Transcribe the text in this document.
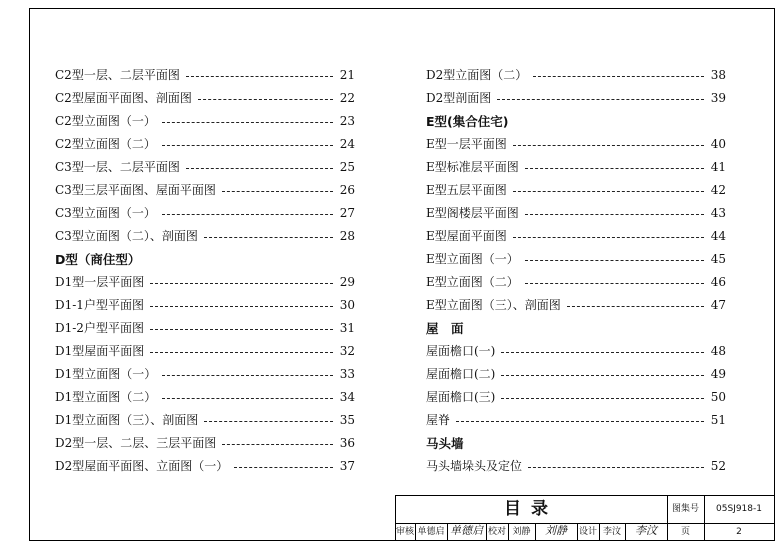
C2型一层、二层平面图	21
C2型屋面平面图、剖面图	22
C2型立面图（一）	23
C2型立面图（二）	24
C3型一层、二层平面图	25
C3型三层平面图、屋面平面图	26
C3型立面图（一）	27
C3型立面图（二）、剖面图	28
D型（商住型）
D1型一层平面图	29
D1-1户型平面图	30
D1-2户型平面图	31
D1型屋面平面图	32
D1型立面图（一）	33
D1型立面图（二）	34
D1型立面图（三）、剖面图	35
D2型一层、二层、三层平面图	36
D2型屋面平面图、立面图（一）	37
D2型立面图（二）	38
D2型剖面图	39
E型(集合住宅)
E型一层平面图	40
E型标准层平面图	41
E型五层平面图	42
E型阁楼层平面图	43
E型屋面平面图	44
E型立面图（一）	45
E型立面图（二）	46
E型立面图（三）、剖面图	47
屋　面
屋面檐口(一)	48
屋面檐口(二)	49
屋面檐口(三)	50
屋脊	51
马头墙
马头墙垛头及定位	52
目录	图集号	05SJ918-1
审核 单德启 单德启 校对 刘静	刘静	设计 李汶	李汶	页	2
